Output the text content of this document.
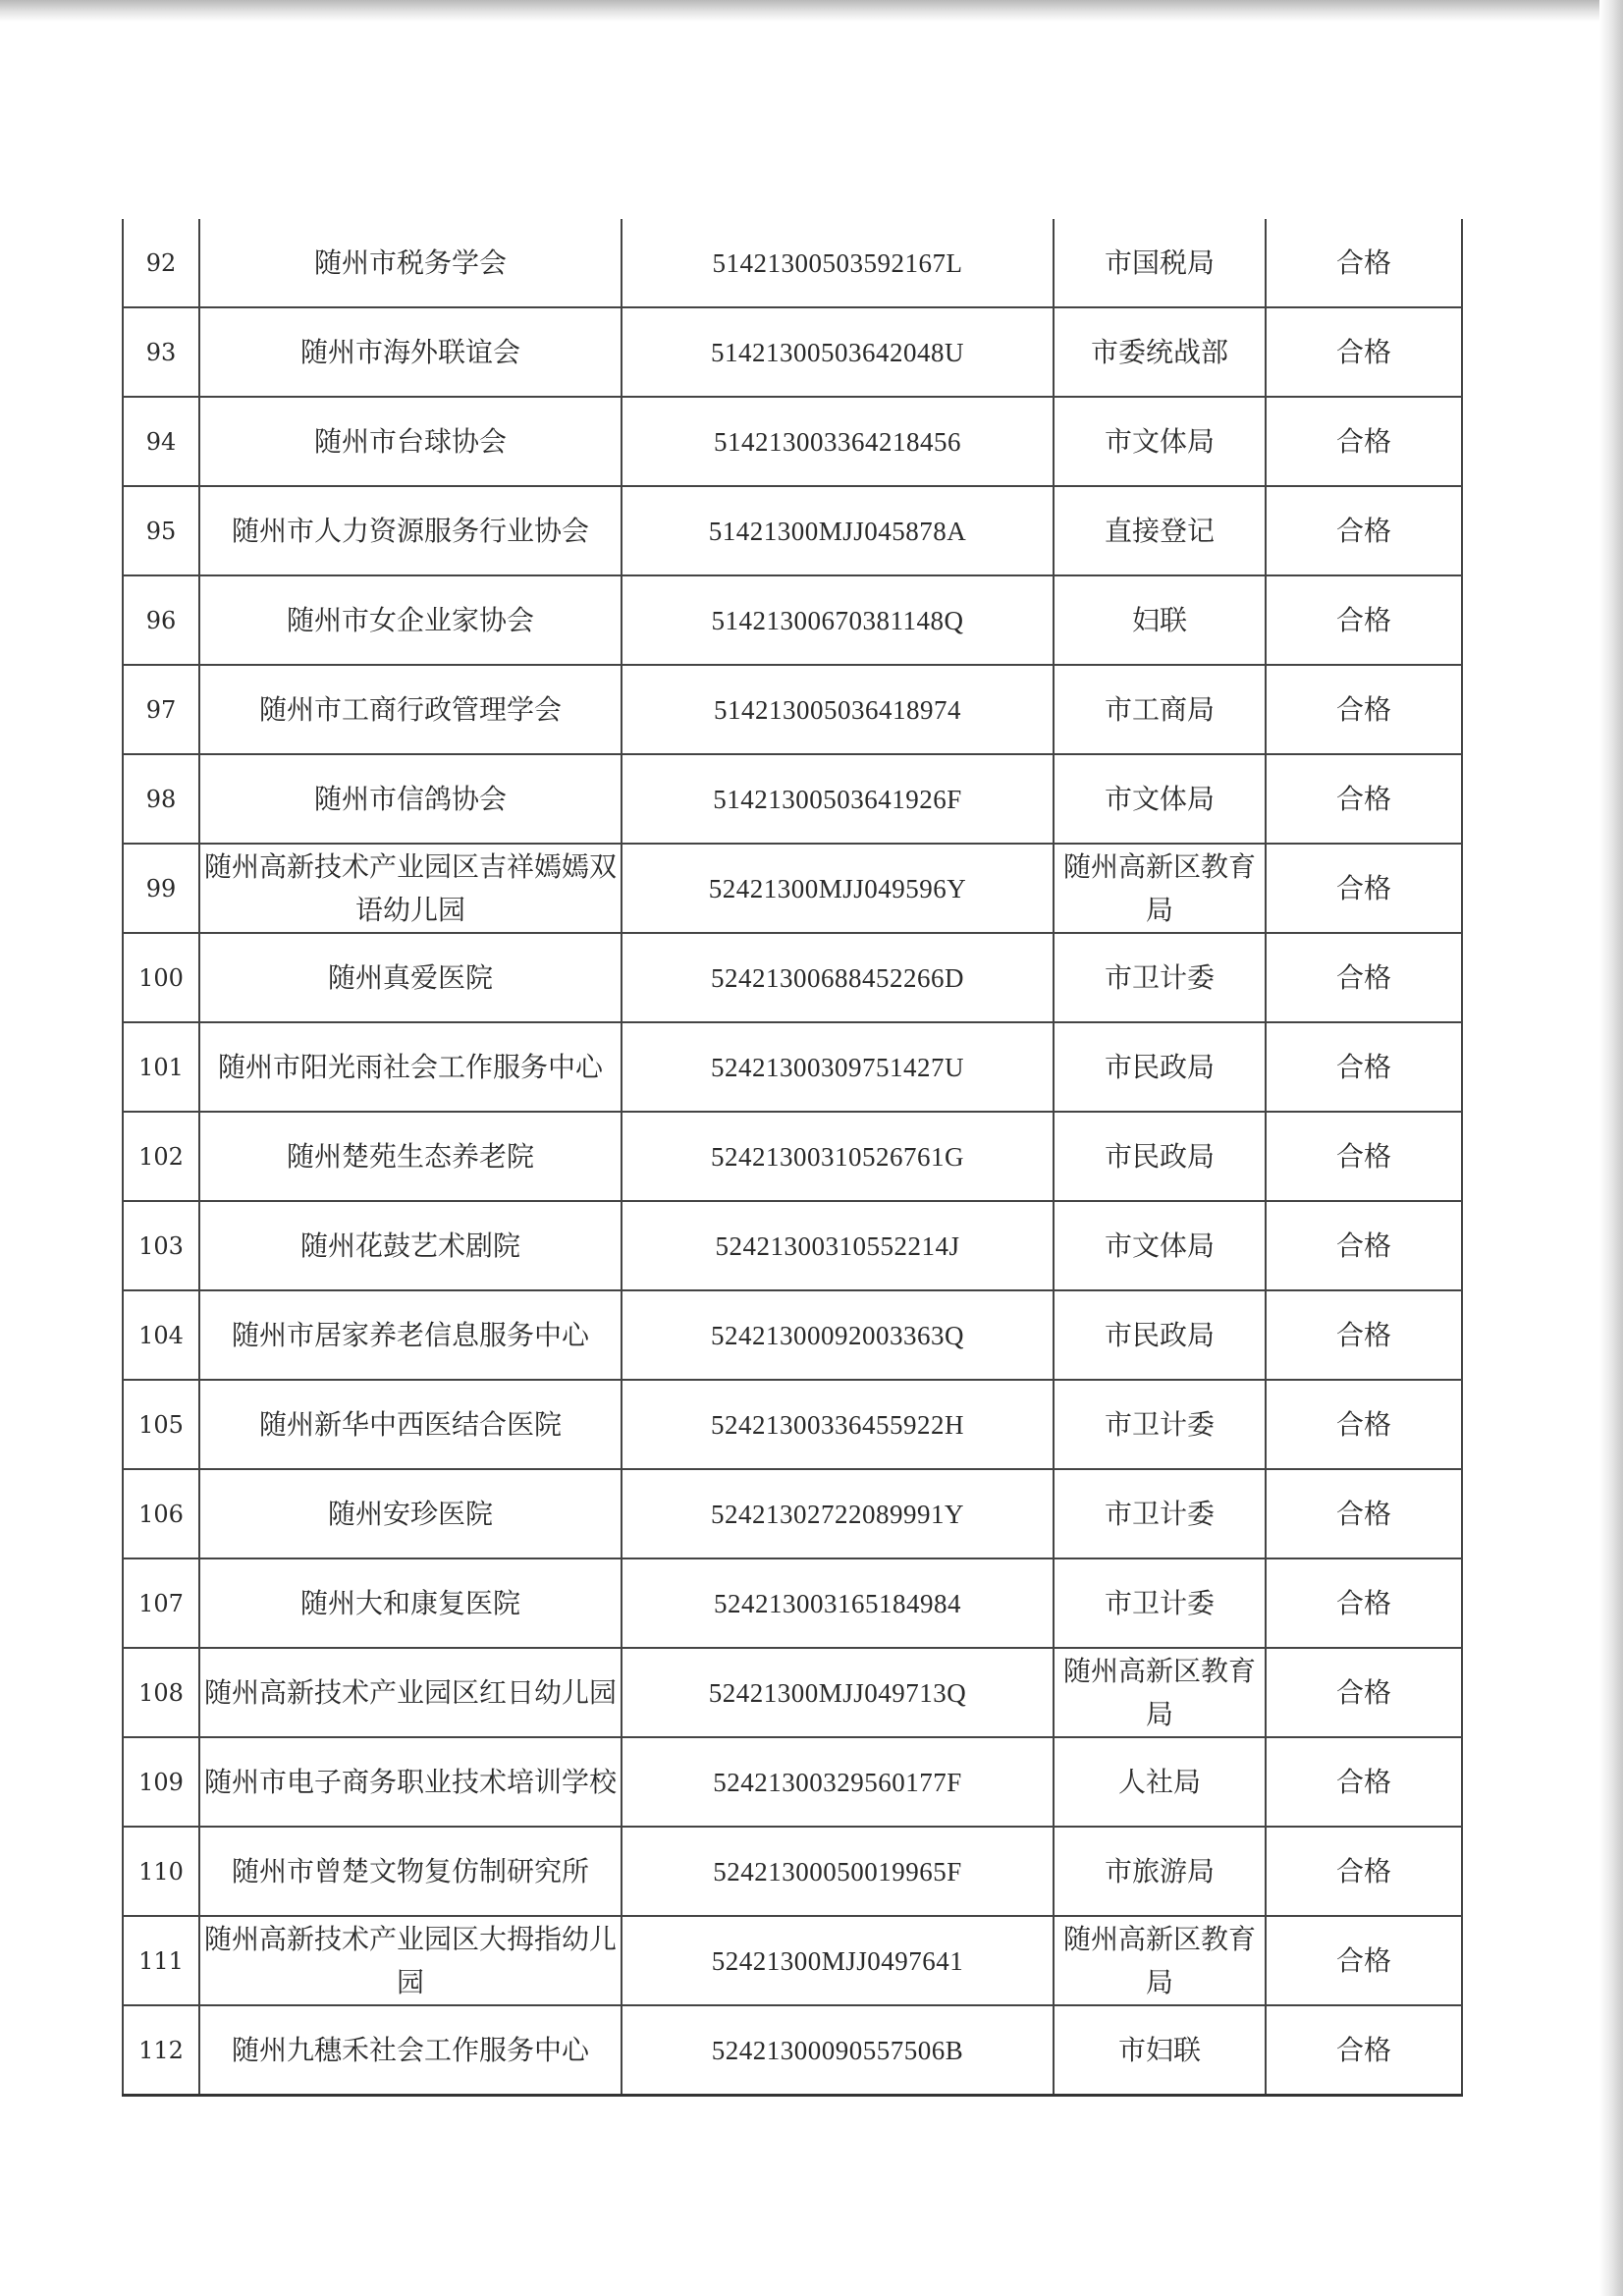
92	随州市税务学会	51421300503592167L	市国税局	合格
93	随州市海外联谊会	51421300503642048U	市委统战部	合格
94	随州市台球协会	514213003364218456	市文体局	合格
95	随州市人力资源服务行业协会	51421300MJJ045878A	直接登记	合格
96	随州市女企业家协会	51421300670381148Q	妇联	合格
97	随州市工商行政管理学会	514213005036418974	市工商局	合格
98	随州市信鸽协会	51421300503641926F	市文体局	合格
99	随州高新技术产业园区吉祥嫣嫣双语幼儿园	52421300MJJ049596Y	随州高新区教育局	合格
100	随州真爱医院	52421300688452266D	市卫计委	合格
101	随州市阳光雨社会工作服务中心	52421300309751427U	市民政局	合格
102	随州楚苑生态养老院	52421300310526761G	市民政局	合格
103	随州花鼓艺术剧院	52421300310552214J	市文体局	合格
104	随州市居家养老信息服务中心	52421300092003363Q	市民政局	合格
105	随州新华中西医结合医院	52421300336455922H	市卫计委	合格
106	随州安珍医院	52421302722089991Y	市卫计委	合格
107	随州大和康复医院	524213003165184984	市卫计委	合格
108	随州高新技术产业园区红日幼儿园	52421300MJJ049713Q	随州高新区教育局	合格
109	随州市电子商务职业技术培训学校	52421300329560177F	人社局	合格
110	随州市曾楚文物复仿制研究所	52421300050019965F	市旅游局	合格
111	随州高新技术产业园区大拇指幼儿园	52421300MJJ0497641	随州高新区教育局	合格
112	随州九穗禾社会工作服务中心	52421300090557506B	市妇联	合格
